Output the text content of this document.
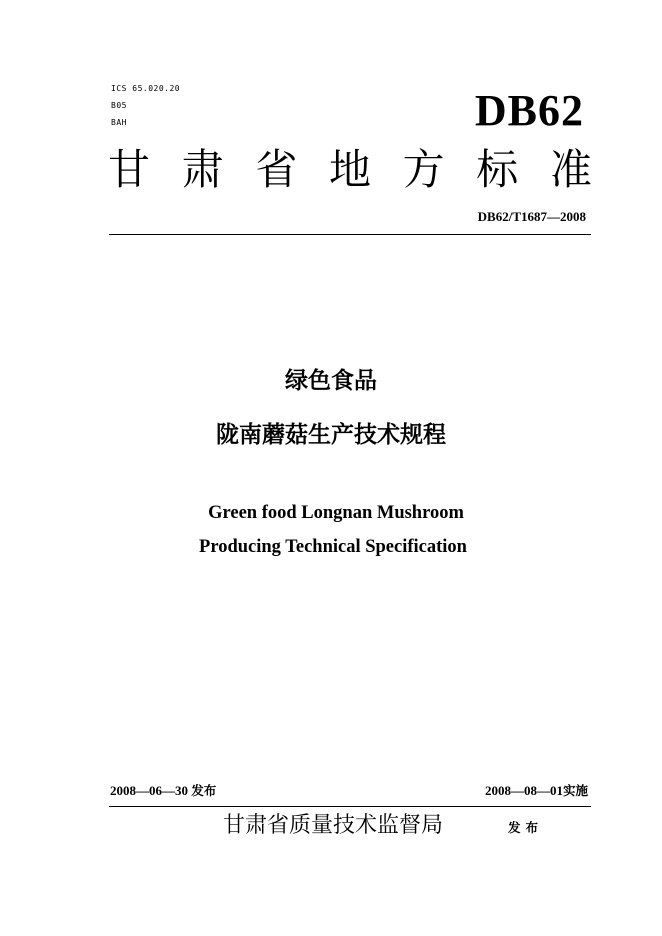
ICS 65.020.20
B05
BAH	DB62
甘 肃 省 地 方 标 准
DB62/T1687—2008
绿色食品
陇南蘑菇生产技术规程
Green food Longnan Mushroom
Producing Technical Specification
2008—06—30 发布	2008—08—01实施
甘肃省质量技术监督局	发布
